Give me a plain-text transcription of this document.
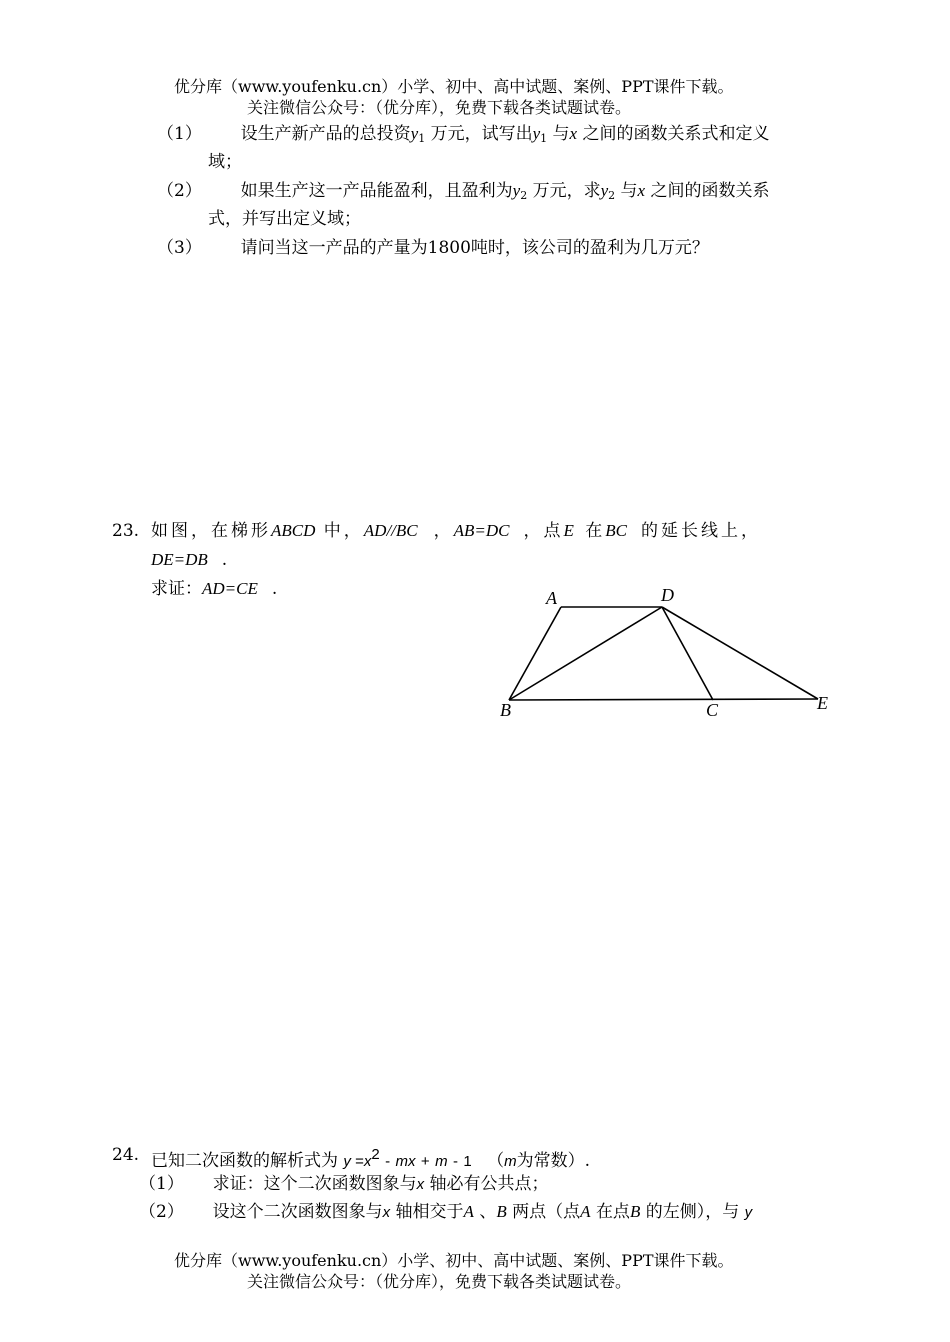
优分库（www.youfenku.cn）小学、初中、高中试题、案例、PPT课件下载。
关注微信公众号：（优分库），免费下载各类试题试卷。
（1） 设生产新产品的总投资$y_1$ 万元，试写出$y_1$ 与x 之间的函数关系式和定义
域；
（2） 如果生产这一产品能盈利，且盈利为$y_2$ 万元，求$y_2$ 与x 之间的函数关系
式，并写出定义域；
（3） 请问当这一产品的产量为1800吨时，该公司的盈利为几万元？
23. 如图，在梯形ABCD 中，AD//BC ，AB=DC ，点E 在BC 的延长线上，
DE=DB .
求证：AD=CE .	A	D
B	C	E
24. 已知二次函数的解析式为 $y =x^2$ - mx + m - 1 （m为常数）.
（1） 求证：这个二次函数图象与x 轴必有公共点；
（2） 设这个二次函数图象与x 轴相交于A 、B 两点（点A 在点B 的左侧），与 y
优分库（www.youfenku.cn）小学、初中、高中试题、案例、PPT课件下载。
关注微信公众号：（优分库），免费下载各类试题试卷。
